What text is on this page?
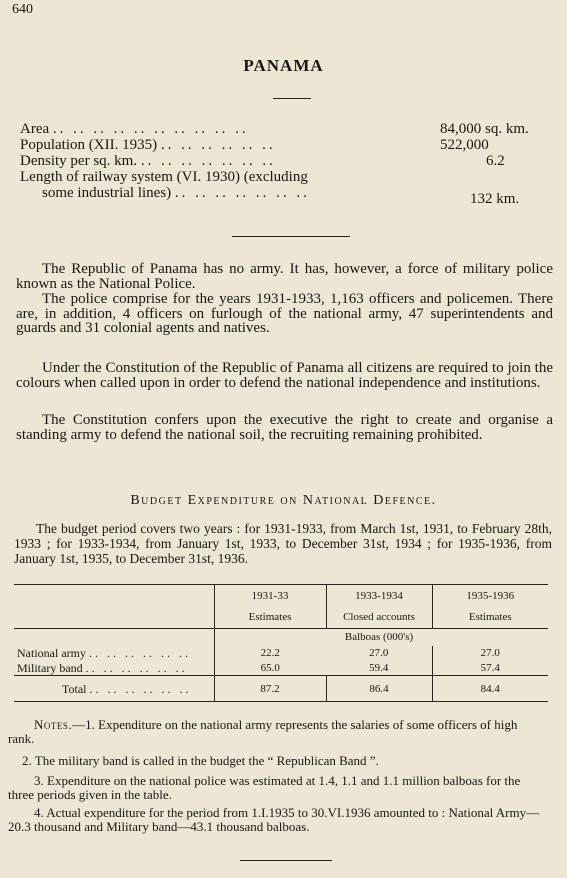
640
PANAMA
Area .. .. .. .. .. .. .. .. .. ..	84,000 sq. km.
Population (XII. 1935) .. .. .. .. .. ..	522,000
Density per sq. km. .. .. .. .. .. .. ..	6.2
Length of railway system (VI. 1930) (excluding
some industrial lines) .. .. .. .. .. .. ..	132 km.

The Republic of Panama has no army. It has, however, a force of military police known as the National Police.

The police comprise for the years 1931-1933, 1,163 officers and policemen. There are, in addition, 4 officers on furlough of the national army, 47 superintendents and guards and 31 colonial agents and natives.

Under the Constitution of the Republic of Panama all citizens are required to join the colours when called upon in order to defend the national independence and institutions.

The Constitution confers upon the executive the right to create and organise a standing army to defend the national soil, the recruiting remaining prohibited.

Budget Expenditure on National Defence.

The budget period covers two years : for 1931-1933, from March 1st, 1931, to February 28th, 1933 ; for 1933-1934, from January 1st, 1933, to December 31st, 1934 ; for 1935-1936, from January 1st, 1935, to December 31st, 1936.

	1931-33	1933-1934	1935-1936
	Estimates	Closed accounts	Estimates
		Balboas (000's)	
National army .. .. .. .. .. ..	22.2	27.0	27.0
Military band .. .. .. .. .. ..	65.0	59.4	57.4
Total .. .. .. .. .. ..	87.2	86.4	84.4

Notes.—1. Expenditure on the national army represents the salaries of some officers of high rank.

2. The military band is called in the budget the “ Republican Band ”.

3. Expenditure on the national police was estimated at 1.4, 1.1 and 1.1 million balboas for the three periods given in the table.

4. Actual expenditure for the period from 1.I.1935 to 30.VI.1936 amounted to : National Army—20.3 thousand and Military band—43.1 thousand balboas.
